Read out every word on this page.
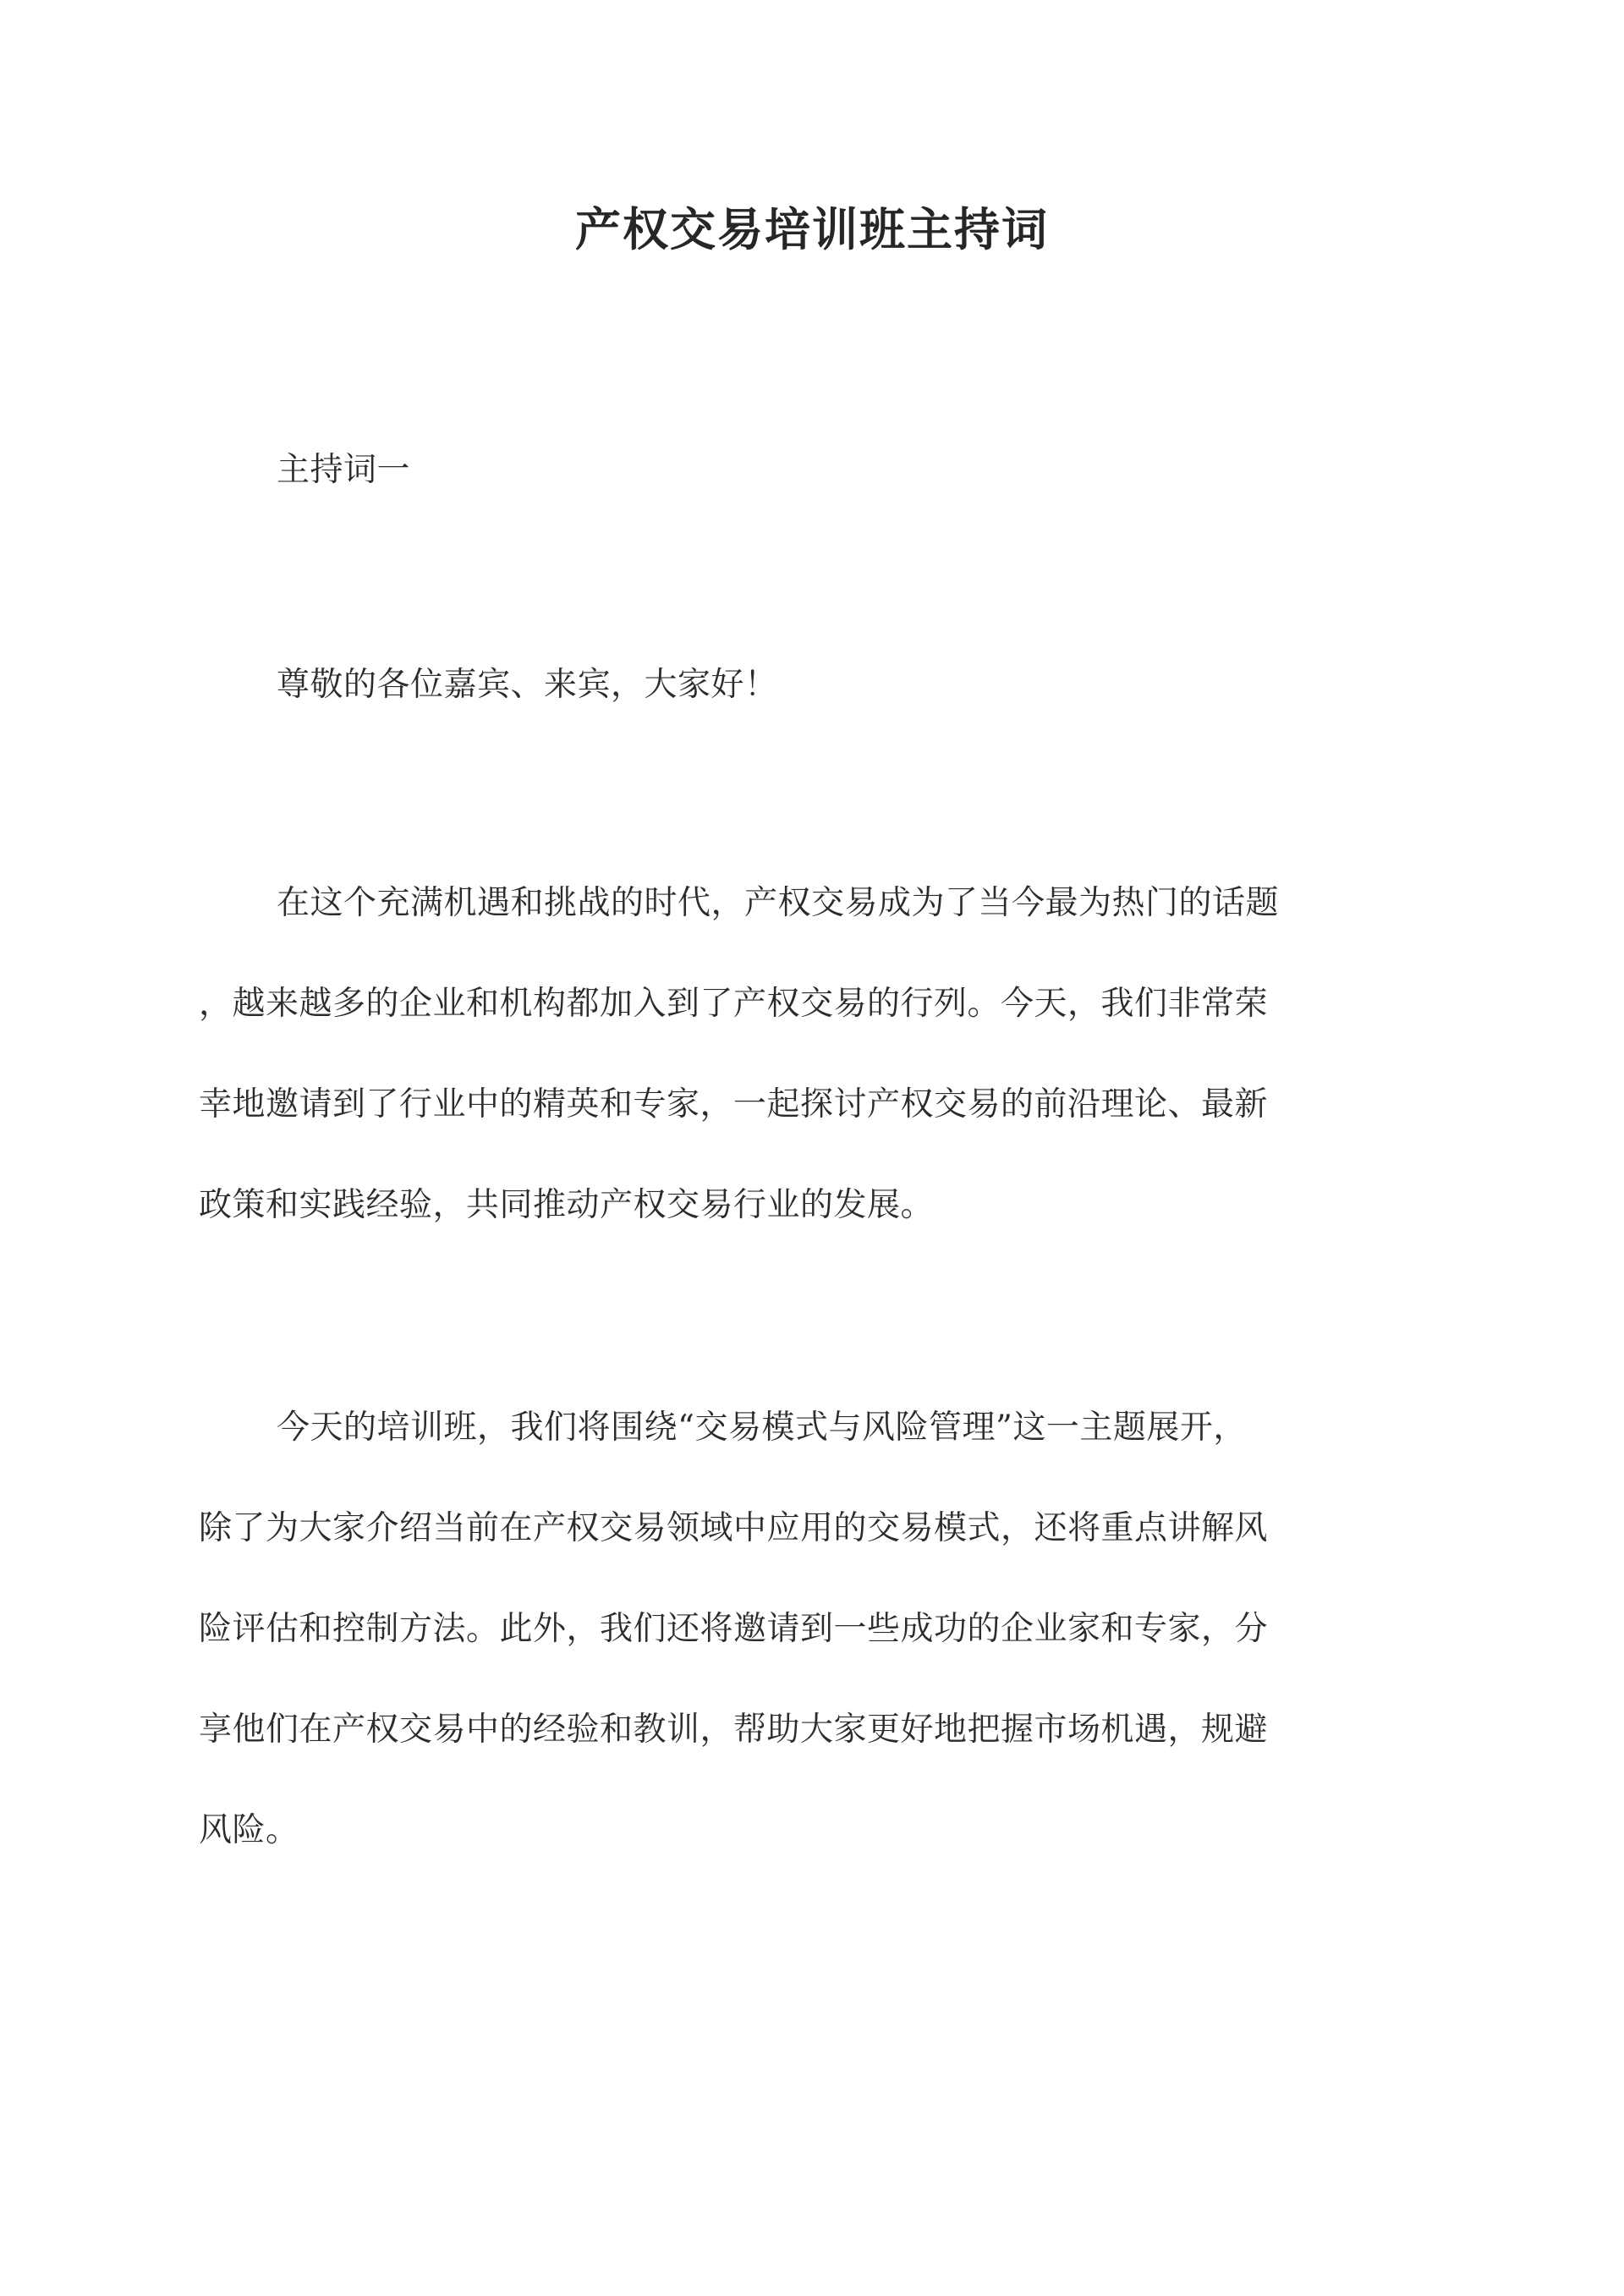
产权交易培训班主持词

主持词一

尊敬的各位嘉宾、来宾，大家好！

在这个充满机遇和挑战的时代，产权交易成为了当今最为热门的话题
，越来越多的企业和机构都加入到了产权交易的行列。今天，我们非常荣
幸地邀请到了行业中的精英和专家，一起探讨产权交易的前沿理论、最新
政策和实践经验，共同推动产权交易行业的发展。
今天的培训班，我们将围绕“交易模式与风险管理”这一主题展开，
除了为大家介绍当前在产权交易领域中应用的交易模式，还将重点讲解风
险评估和控制方法。此外，我们还将邀请到一些成功的企业家和专家，分
享他们在产权交易中的经验和教训，帮助大家更好地把握市场机遇，规避
风险。
